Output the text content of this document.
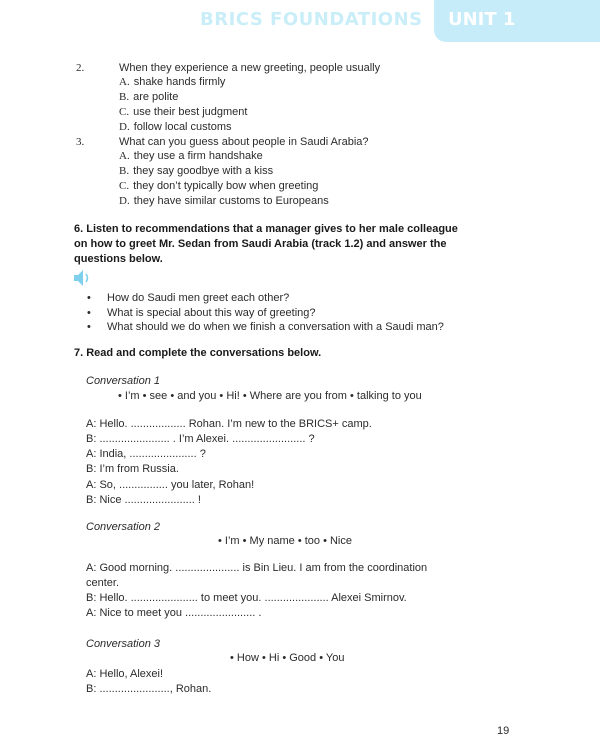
BRICS FOUNDATIONS UNIT 1
2.	When they experience a new greeting, people usually
A. shake hands firmly
B. are polite
C. use their best judgment
D. follow local customs
3.	What can you guess about people in Saudi Arabia?
A. they use a firm handshake
B. they say goodbye with a kiss
C. they don’t typically bow when greeting
D. they have similar customs to Europeans
6. Listen to recommendations that a manager gives to her male colleague
on how to greet Mr. Sedan from Saudi Arabia (track 1.2) and answer the
questions below.
• How do Saudi men greet each other?
• What is special about this way of greeting?
• What should we do when we finish a conversation with a Saudi man?
7. Read and complete the conversations below.
Conversation 1
• I’m • see • and you • Hi! • Where are you from • talking to you
A: Hello. .................. Rohan. I’m new to the BRICS+ camp.
B: ....................... . I’m Alexei. ........................ ?
A: India, ...................... ?
B: I’m from Russia.
A: So, ................ you later, Rohan!
B: Nice ....................... !
Conversation 2
• I’m • My name • too • Nice
A: Good morning. ..................... is Bin Lieu. I am from the coordination
center.
B: Hello. ...................... to meet you. ..................... Alexei Smirnov.
A: Nice to meet you ....................... .
Conversation 3
• How • Hi • Good • You
A: Hello, Alexei!
B: ......................., Rohan.
19
